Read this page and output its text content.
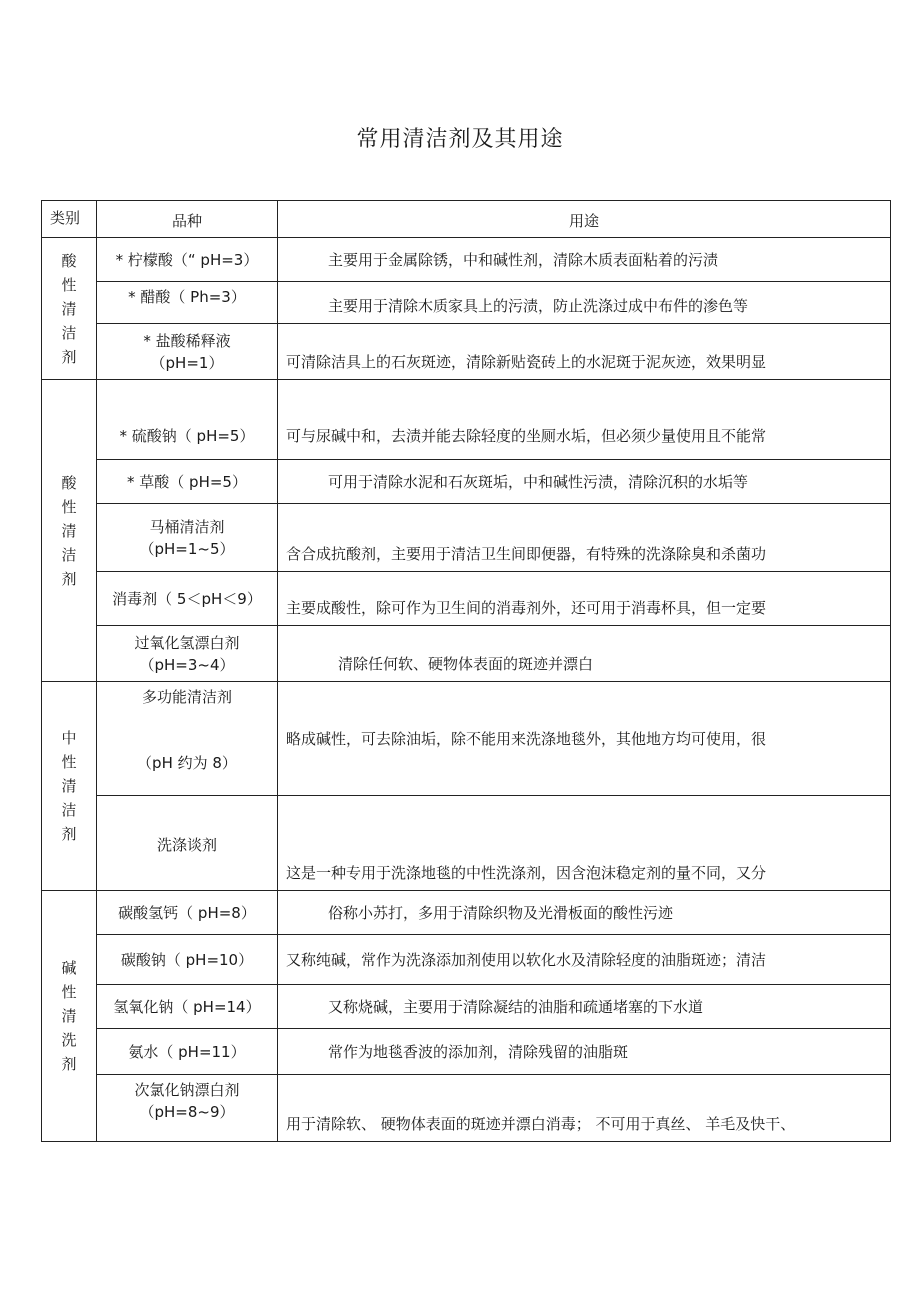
常用清洁剂及其用途
类别	品种	用途

酸性清洁剂	* 柠檬酸（“ pH=3）	主要用于金属除锈，中和碱性剂，清除木质表面粘着的污渍
	* 醋酸（ Ph=3）	主要用于清除木质家具上的污渍，防止洗涤过成中布件的渗色等

	* 盐酸稀释液
（pH=1）	可清除洁具上的石灰斑迹，清除新贴瓷砖上的水泥斑于泥灰迹，效果明显

酸性清洁剂	* 硫酸钠（ pH=5）	可与尿碱中和，去渍并能去除轻度的坐厕水垢，但必须少量使用且不能常
	* 草酸（ pH=5）	可用于清除水泥和石灰斑垢，中和碱性污渍，清除沉积的水垢等

	马桶清洁剂
（pH=1~5）	含合成抗酸剂，主要用于清洁卫生间即便器，有特殊的洗涤除臭和杀菌功
	消毒剂（ 5＜pH＜9）	主要成酸性，除可作为卫生间的消毒剂外，还可用于消毒杯具，但一定要

	过氧化氢漂白剂
（pH=3~4）	清除任何软、硬物体表面的斑迹并漂白

中性清洁剂	多功能清洁剂
（pH 约为 8）	略成碱性，可去除油垢，除不能用来洗涤地毯外，其他地方均可使用，很
	洗涤谈剂	这是一种专用于洗涤地毯的中性洗涤剂，因含泡沫稳定剂的量不同，又分

碱性清洗剂	碳酸氢钙（ pH=8）	俗称小苏打，多用于清除织物及光滑板面的酸性污迹
	碳酸钠（ pH=10）	又称纯碱，常作为洗涤添加剂使用以软化水及清除轻度的油脂斑迹；清洁
	氢氧化钠（ pH=14）	又称烧碱，主要用于清除凝结的油脂和疏通堵塞的下水道
	氨水（ pH=11）	常作为地毯香波的添加剂，清除残留的油脂斑

	次氯化钠漂白剂
（pH=8~9）	用于清除软、 硬物体表面的斑迹并漂白消毒； 不可用于真丝、 羊毛及快干、
